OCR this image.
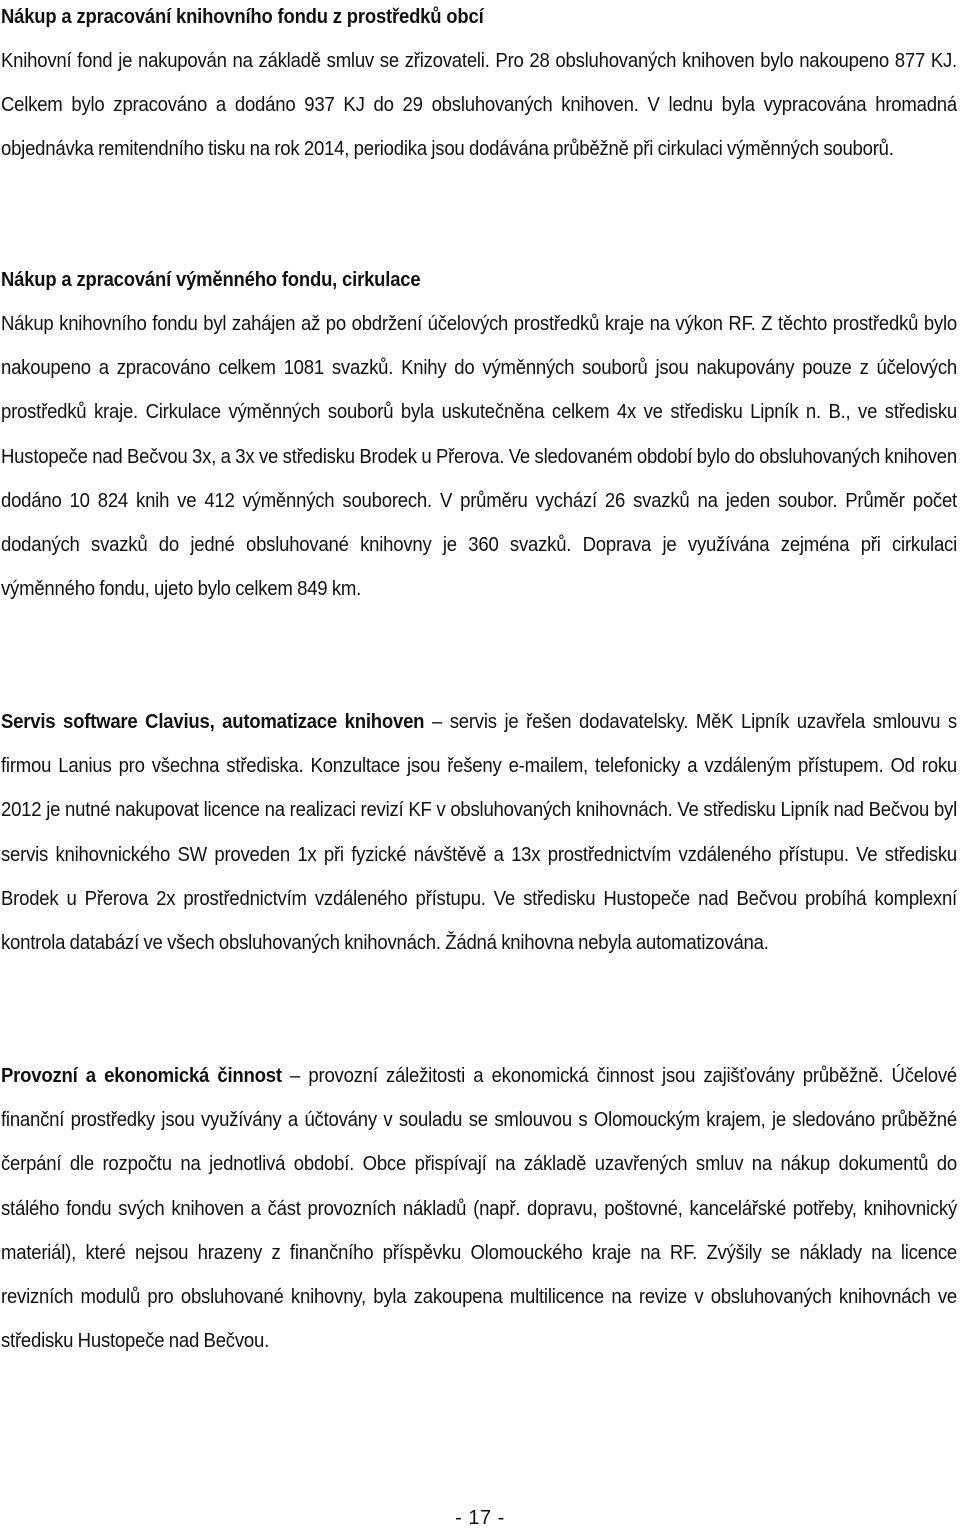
Nákup a zpracování knihovního fondu z prostředků obcí

Knihovní fond je nakupován na základě smluv se zřizovateli. Pro 28 obsluhovaných knihoven bylo nakoupeno 877 KJ. Celkem bylo zpracováno a dodáno 937 KJ do 29 obsluhovaných knihoven. V lednu byla vypracována hromadná objednávka remitendního tisku na rok 2014, periodika jsou dodávána průběžně při cirkulaci výměnných souborů.

Nákup a zpracování výměnného fondu, cirkulace

Nákup knihovního fondu byl zahájen až po obdržení účelových prostředků kraje na výkon RF. Z těchto prostředků bylo nakoupeno a zpracováno celkem 1081 svazků. Knihy do výměnných souborů jsou nakupovány pouze z účelových prostředků kraje. Cirkulace výměnných souborů byla uskutečněna celkem 4x ve středisku Lipník n. B., ve středisku Hustopeče nad Bečvou 3x, a 3x ve středisku Brodek u Přerova. Ve sledovaném období bylo do obsluhovaných knihoven dodáno 10 824 knih ve 412 výměnných souborech. V průměru vychází 26 svazků na jeden soubor. Průměr počet dodaných svazků do jedné obsluhované knihovny je 360 svazků. Doprava je využívána zejména při cirkulaci výměnného fondu, ujeto bylo celkem 849 km.

Servis software Clavius, automatizace knihoven – servis je řešen dodavatelsky. MěK Lipník uzavřela smlouvu s firmou Lanius pro všechna střediska. Konzultace jsou řešeny e-mailem, telefonicky a vzdáleným přístupem. Od roku 2012 je nutné nakupovat licence na realizaci revizí KF v obsluhovaných knihovnách. Ve středisku Lipník nad Bečvou byl servis knihovnického SW proveden 1x při fyzické návštěvě a 13x prostřednictvím vzdáleného přístupu. Ve středisku Brodek u Přerova 2x prostřednictvím vzdáleného přístupu. Ve středisku Hustopeče nad Bečvou probíhá komplexní kontrola databází ve všech obsluhovaných knihovnách. Žádná knihovna nebyla automatizována.

Provozní a ekonomická činnost – provozní záležitosti a ekonomická činnost jsou zajišťovány průběžně. Účelové finanční prostředky jsou využívány a účtovány v souladu se smlouvou s Olomouckým krajem, je sledováno průběžné čerpání dle rozpočtu na jednotlivá období. Obce přispívají na základě uzavřených smluv na nákup dokumentů do stálého fondu svých knihoven a část provozních nákladů (např. dopravu, poštovné, kancelářské potřeby, knihovnický materiál), které nejsou hrazeny z finančního příspěvku Olomouckého kraje na RF. Zvýšily se náklady na licence revizních modulů pro obsluhované knihovny, byla zakoupena multilicence na revize v obsluhovaných knihovnách ve středisku Hustopeče nad Bečvou.

- 17 -
